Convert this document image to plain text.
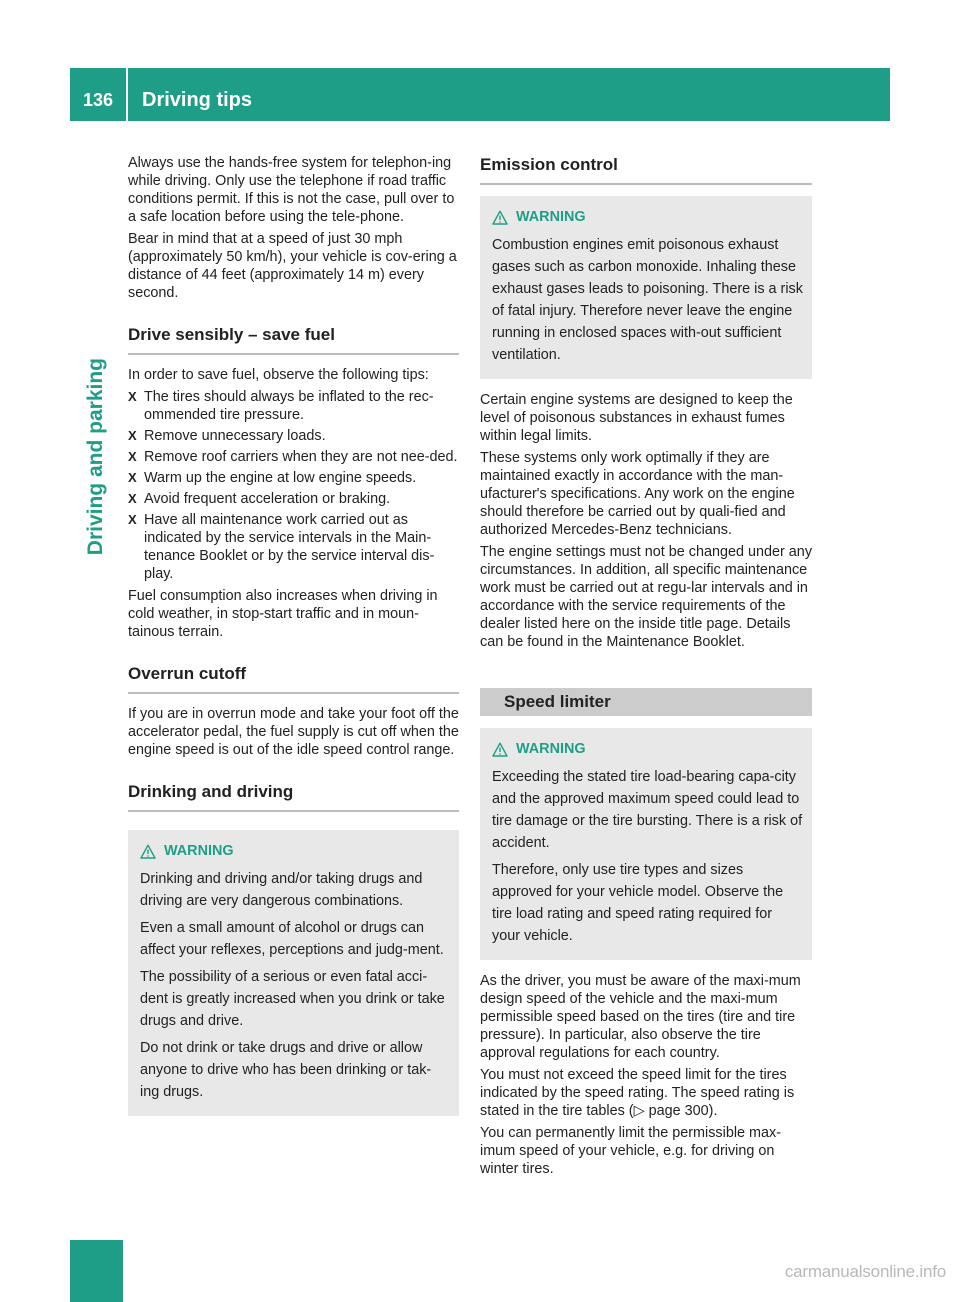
136	Driving tips
Driving and parking

Always use the hands-free system for telephon-ing while driving. Only use the telephone if road traffic conditions permit. If this is not the case, pull over to a safe location before using the tele-phone.

Bear in mind that at a speed of just 30 mph (approximately 50 km/h), your vehicle is cov-ering a distance of 44 feet (approximately 14 m) every second.

Drive sensibly – save fuel

In order to save fuel, observe the following tips:

X The tires should always be inflated to the rec-ommended tire pressure.
X Remove unnecessary loads.
X Remove roof carriers when they are not nee-ded.
X Warm up the engine at low engine speeds.
X Avoid frequent acceleration or braking.
X Have all maintenance work carried out as indicated by the service intervals in the Main-tenance Booklet or by the service interval dis-play.

Fuel consumption also increases when driving in cold weather, in stop-start traffic and in moun-tainous terrain.

Overrun cutoff

If you are in overrun mode and take your foot off the accelerator pedal, the fuel supply is cut off when the engine speed is out of the idle speed control range.

Drinking and driving
WARNING

Drinking and driving and/or taking drugs and driving are very dangerous combinations.

Even a small amount of alcohol or drugs can affect your reflexes, perceptions and judg-ment.

The possibility of a serious or even fatal acci-dent is greatly increased when you drink or take drugs and drive.

Do not drink or take drugs and drive or allow anyone to drive who has been drinking or tak-ing drugs.

Emission control
WARNING

Combustion engines emit poisonous exhaust gases such as carbon monoxide. Inhaling these exhaust gases leads to poisoning. There is a risk of fatal injury. Therefore never leave the engine running in enclosed spaces with-out sufficient ventilation.

Certain engine systems are designed to keep the level of poisonous substances in exhaust fumes within legal limits.

These systems only work optimally if they are maintained exactly in accordance with the man-ufacturer's specifications. Any work on the engine should therefore be carried out by quali-fied and authorized Mercedes-Benz technicians.

The engine settings must not be changed under any circumstances. In addition, all specific maintenance work must be carried out at regu-lar intervals and in accordance with the service requirements of the dealer listed here on the inside title page. Details can be found in the Maintenance Booklet.

Speed limiter
WARNING

Exceeding the stated tire load-bearing capa-city and the approved maximum speed could lead to tire damage or the tire bursting. There is a risk of accident.

Therefore, only use tire types and sizes approved for your vehicle model. Observe the tire load rating and speed rating required for your vehicle.

As the driver, you must be aware of the maxi-mum design speed of the vehicle and the maxi-mum permissible speed based on the tires (tire and tire pressure). In particular, also observe the tire approval regulations for each country.

You must not exceed the speed limit for the tires indicated by the speed rating. The speed rating is stated in the tire tables (▷ page 300).

You can permanently limit the permissible max-imum speed of your vehicle, e.g. for driving on winter tires.

carmanualsonline.info
